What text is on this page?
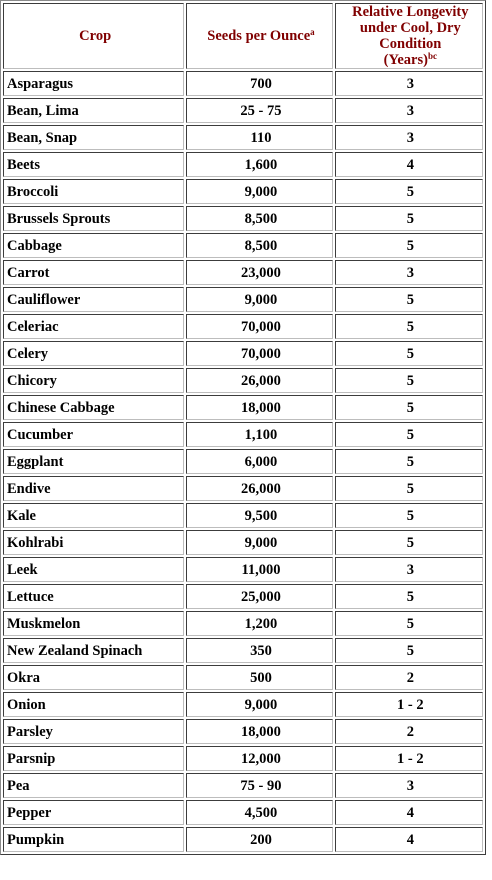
Crop	Seeds per Ounce$^a$	Relative Longevity
under Cool, Dry
Condition
(Years)$^{bc}$
Asparagus	700	3
Bean, Lima	25 - 75	3
Bean, Snap	110	3
Beets	1,600	4
Broccoli	9,000	5
Brussels Sprouts	8,500	5
Cabbage	8,500	5
Carrot	23,000	3
Cauliflower	9,000	5
Celeriac	70,000	5
Celery	70,000	5
Chicory	26,000	5
Chinese Cabbage	18,000	5
Cucumber	1,100	5
Eggplant	6,000	5
Endive	26,000	5
Kale	9,500	5
Kohlrabi	9,000	5
Leek	11,000	3
Lettuce	25,000	5
Muskmelon	1,200	5
New Zealand Spinach	350	5
Okra	500	2
Onion	9,000	1 - 2
Parsley	18,000	2
Parsnip	12,000	1 - 2
Pea	75 - 90	3
Pepper	4,500	4
Pumpkin	200	4
